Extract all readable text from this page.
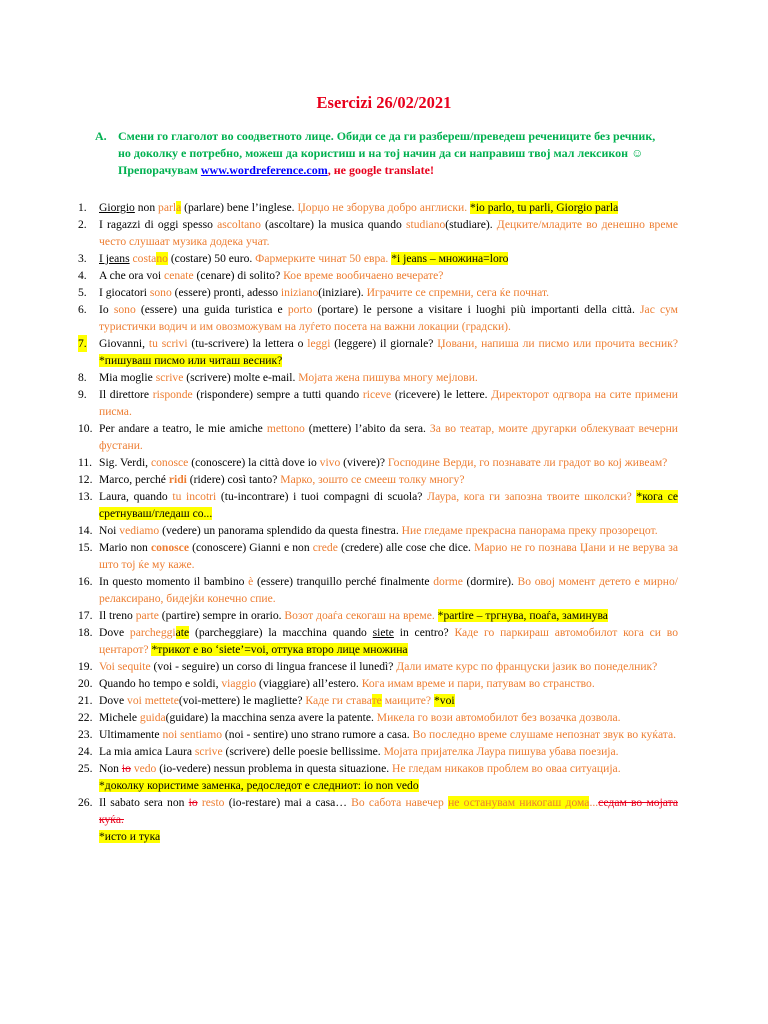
Esercizi 26/02/2021
A. Смени го глаголот во соодветното лице. Обиди се да ги разбереш/преведеш речениците без речник, но доколку е потребно, можеш да користиш и на тој начин да си направиш твој мал лексикон ☺ Препорачувам www.wordreference.com, не google translate!
1. Giorgio non parla (parlare) bene l’inglese. Џорџо не зборува добро англиски. *io parlo, tu parli, Giorgio parla
2. I ragazzi di oggi spesso ascoltano (ascoltare) la musica quando studiano(studiare). Децките/младите во денешно време често слушаат музика додека учат.
3. I jeans costano (costare) 50 euro. Фармерките чинат 50 евра. *i jeans – множина=loro
4. A che ora voi cenate (cenare) di solito? Кое време вообичаено вечерате?
5. I giocatori sono (essere) pronti, adesso iniziano(iniziare). Играчите се спремни, сега ќе почнат.
6. Io sono (essere) una guida turistica e porto (portare) le persone a visitare i luoghi più importanti della città. Јас сум туристички водич и им овозможувам на луѓето посета на важни локации (градски).
7. Giovanni, tu scrivi (tu-scrivere) la lettera o leggi (leggere) il giornale? Џовани, напиша ли писмо или прочита весник? *пишуваш писмо или читаш весник?
8. Mia moglie scrive (scrivere) molte e-mail. Мојата жена пишува многу мејлови.
9. Il direttore risponde (rispondere) sempre a tutti quando riceve (ricevere) le lettere. Директорот одгвора на сите примени писма.
10. Per andare a teatro, le mie amiche mettono (mettere) l’abito da sera. За во театар, моите другарки облекуваат вечерни фустани.
11. Sig. Verdi, conosce (conoscere) la città dove io vivo (vivere)? Господине Верди, го познавате ли градот во кој живеам?
12. Marco, perché ridi (ridere) così tanto? Марко, зошто се смееш толку многу?
13. Laura, quando tu incotri (tu-incontrare) i tuoi compagni di scuola? Лаура, кога ги запозна твоите школски? *кога се сретнуваш/гледаш со...
14. Noi vediamo (vedere) un panorama splendido da questa finestra. Ние гледаме прекрасна панорама преку прозорецот.
15. Mario non conosce (conoscere) Gianni e non crede (credere) alle cose che dice. Марио не го познава Џани и не верува за што тој ќе му каже.
16. In questo momento il bambino è (essere) tranquillo perché finalmente dorme (dormire). Во овој момент детето е мирно/релаксирано, бидејќи конечно спие.
17. Il treno parte (partire) sempre in orario. Возот доаѓа секогаш на време. *partire – тргнува, поаѓа, заминува
18. Dove parcheggiate (parcheggiare) la macchina quando siete in centro? Каде го паркираш автомобилот кога си во центарот? *трикот е во ‘siete’=voi, оттука второ лице множина
19. Voi sequite (voi - seguire) un corso di lingua francese il lunedì? Дали имате курс по француски јазик во понеделник?
20. Quando ho tempo e soldi, viaggio (viaggiare) all’estero. Кога имам време и пари, патувам во странство.
21. Dove voi mettete(voi-mettere) le magliette? Каде ги ставате маиците? *voi
22. Michele guida(guidare) la macchina senza avere la patente. Микела го вози автомобилот без возачка дозвола.
23. Ultimamente noi sentiamo (noi - sentire) uno strano rumore a casa. Во последно време слушаме непознат звук во куќата.
24. La mia amica Laura scrive (scrivere) delle poesie bellissime. Мојата пријателка Лаура пишува убава поезија.
25. Non io vedo (io-vedere) nessun problema in questa situazione. Не гледам никаков проблем во оваа ситуација.
*доколку користиме заменка, редоследот е следниот: io non vedo
26. Il sabato sera non io resto (io-restare) mai a casa… Во сабота навечер не останувам никогаш дома...седам во мојата куќа.
*исто и тука
